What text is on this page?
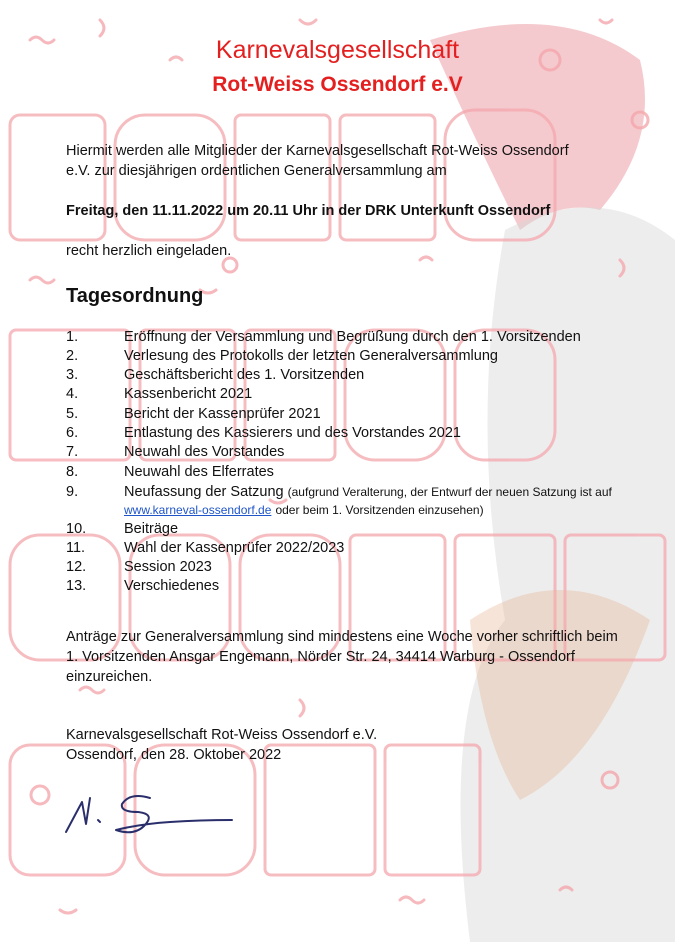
Karnevalsgesellschaft
Rot-Weiss Ossendorf e.V
Hiermit werden alle Mitglieder der Karnevalsgesellschaft Rot-Weiss Ossendorf
e.V. zur diesjährigen ordentlichen Generalversammlung am
Freitag, den 11.11.2022 um 20.11 Uhr in der DRK Unterkunft Ossendorf
recht herzlich eingeladen.
Tagesordnung
1.	Eröffnung der Versammlung und Begrüßung durch den 1. Vorsitzenden
2.	Verlesung des Protokolls der letzten Generalversammlung
3.	Geschäftsbericht des 1. Vorsitzenden
4.	Kassenbericht 2021
5.	Bericht der Kassenprüfer 2021
6.	Entlastung des Kassierers und des Vorstandes 2021
7.	Neuwahl des Vorstandes
8.	Neuwahl des Elferrates
9.	Neufassung der Satzung (aufgrund Veralterung, der Entwurf der neuen Satzung ist auf
www.karneval-ossendorf.de oder beim 1. Vorsitzenden einzusehen)
10.	Beiträge
11.	Wahl der Kassenprüfer 2022/2023
12.	Session 2023
13.	Verschiedenes
Anträge zur Generalversammlung sind mindestens eine Woche vorher schriftlich beim
1. Vorsitzenden Ansgar Engemann, Nörder Str. 24, 34414 Warburg - Ossendorf
einzureichen.
Karnevalsgesellschaft Rot-Weiss Ossendorf e.V.
Ossendorf, den 28. Oktober 2022
